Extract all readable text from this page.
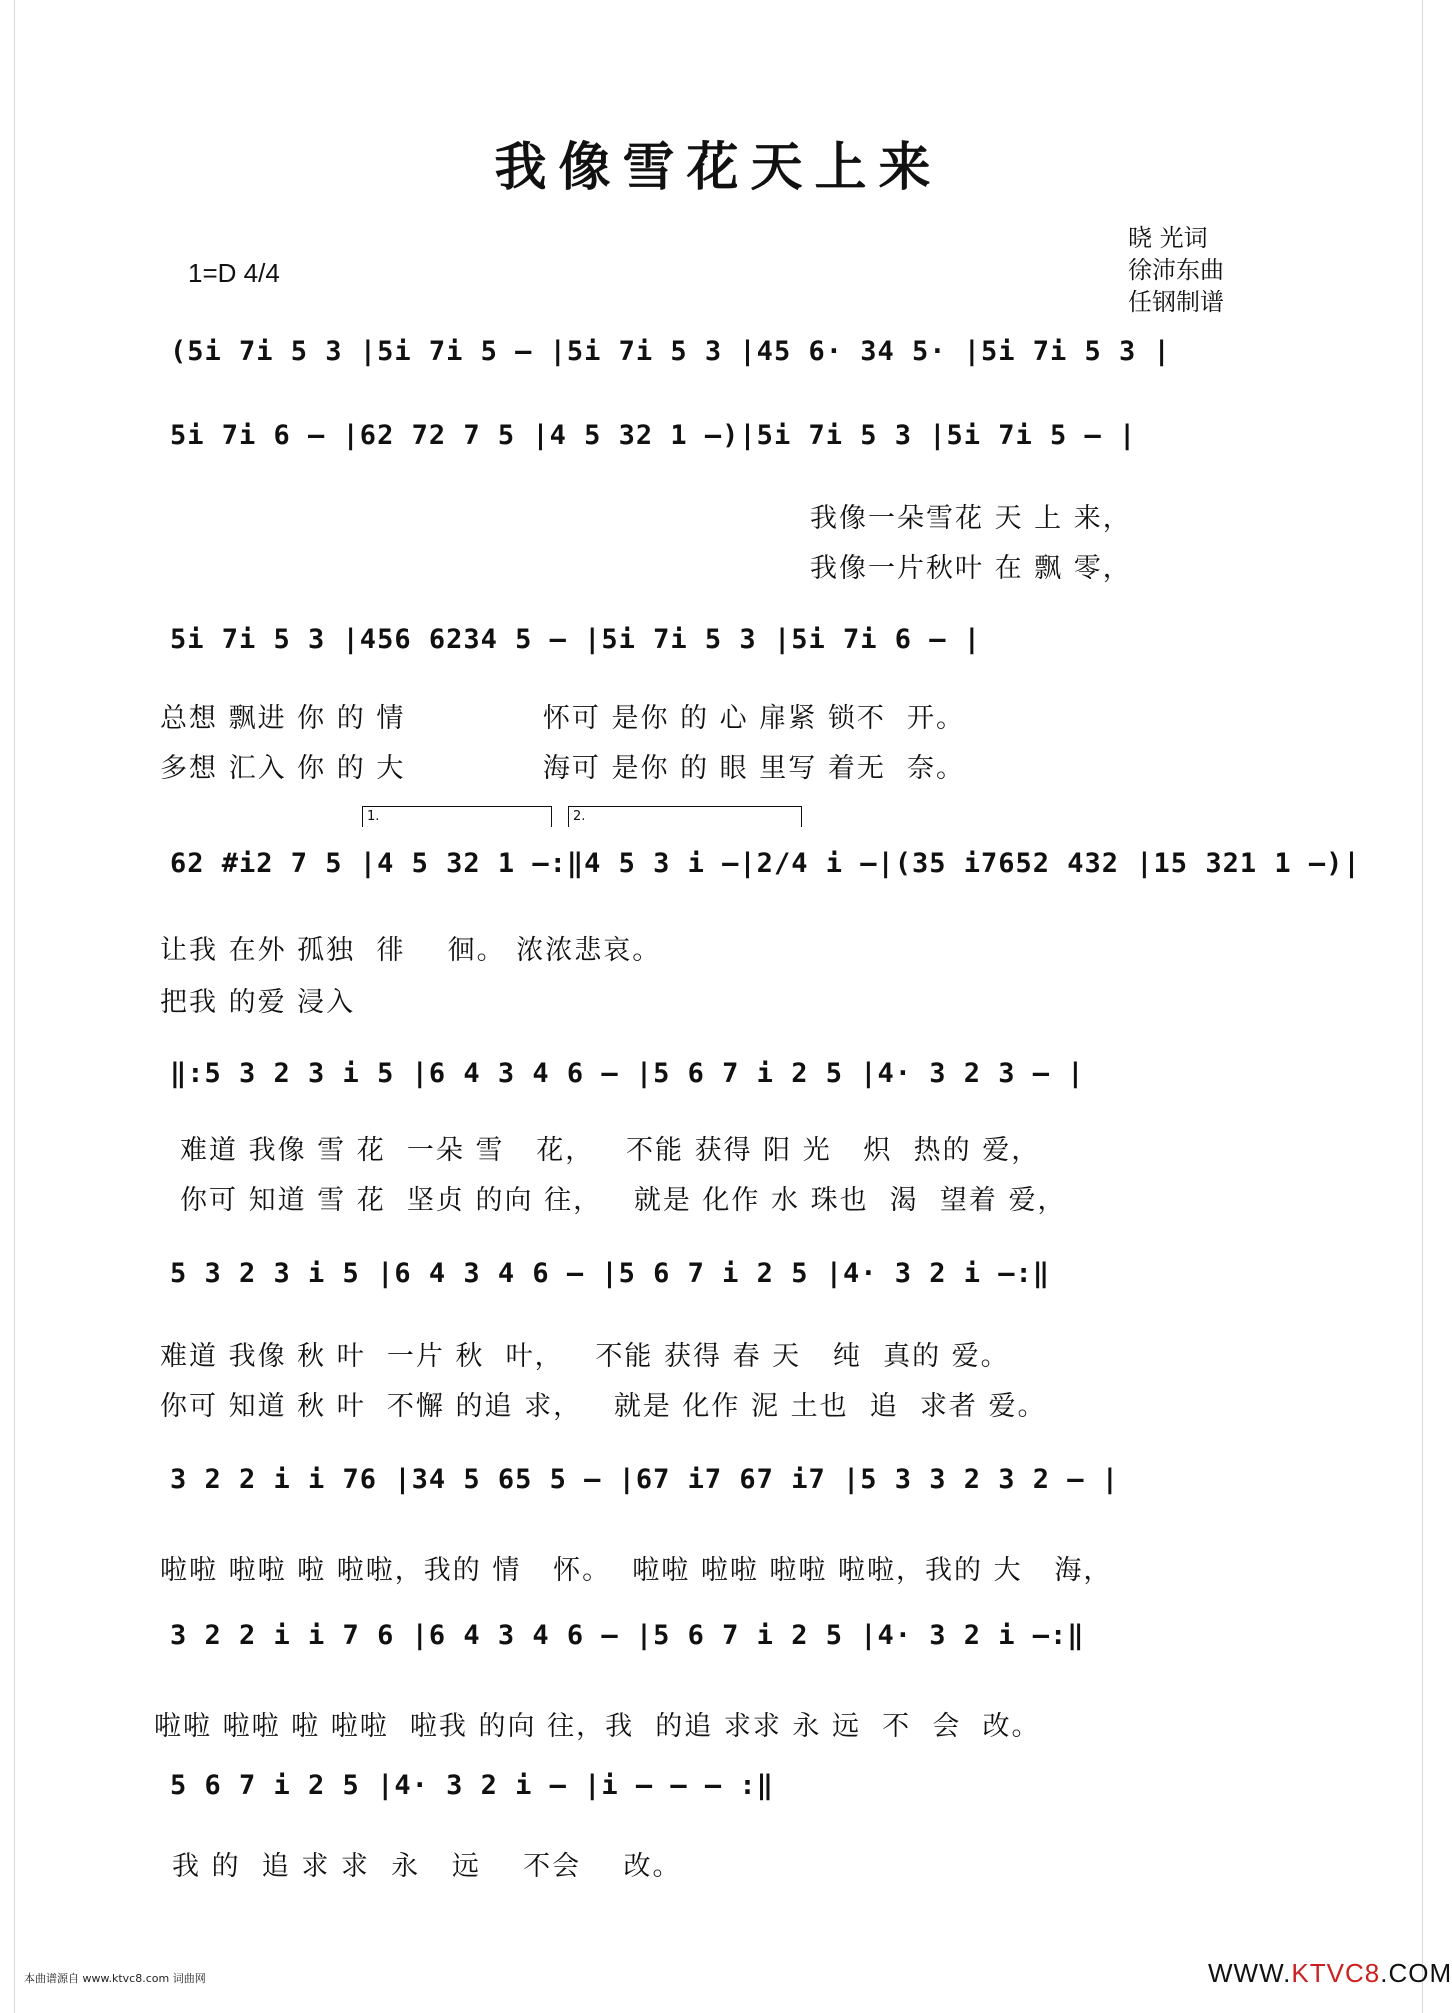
我像雪花天上来
1=D 4/4
晓 光词
徐沛东曲
任钢制谱
(5i 7i 5 3 |5i 7i 5 – |5i 7i 5 3 |45 6· 34 5· |5i 7i 5 3 |
5i 7i 6 – |62 72 7 5 |4 5 32 1 –)|5i 7i 5 3 |5i 7i 5 – |
我像一朵雪花 天 上 来，
我像一片秋叶 在 飘 零，
5i 7i 5 3 |456 6234 5 – |5i 7i 5 3 |5i 7i 6 – |
总想 飘进 你 的 情             怀可 是你 的 心 扉紧 锁不  开。
多想 汇入 你 的 大             海可 是你 的 眼 里写 着无  奈。
1.	2.
62 #i2 7 5 |4 5 32 1 –:‖4 5 3 i –|2/4 i –|(35 i7652 432 |15 321 1 –)|
让我 在外 孤独  徘    徊。 浓浓悲哀。
把我 的爱 浸入
‖:5 3 2 3 i 5 |6 4 3 4 6 – |5 6 7 i 2 5 |4· 3 2 3 – |
难道 我像 雪 花  一朵 雪   花，   不能 获得 阳 光   炽  热的 爱，
你可 知道 雪 花  坚贞 的向 往，   就是 化作 水 珠也  渴  望着 爱，
5 3 2 3 i 5 |6 4 3 4 6 – |5 6 7 i 2 5 |4· 3 2 i –:‖
难道 我像 秋 叶  一片 秋  叶，   不能 获得 春 天   纯  真的 爱。
你可 知道 秋 叶  不懈 的追 求，   就是 化作 泥 土也  追  求者 爱。
3 2 2 i i 76 |34 5 65 5 – |67 i7 67 i7 |5 3 3 2 3 2 – |
啦啦 啦啦 啦 啦啦，我的 情   怀。  啦啦 啦啦 啦啦 啦啦，我的 大   海，
3 2 2 i i 7 6 |6 4 3 4 6 – |5 6 7 i 2 5 |4· 3 2 i –:‖
啦啦 啦啦 啦 啦啦  啦我 的向 往，我  的追 求求 永 远  不  会  改。
5 6 7 i 2 5 |4· 3 2 i – |i – – – :‖
我 的  追 求 求  永   远    不会    改。
本曲谱源自 www.ktvc8.com 词曲网	WWW.KTVC8.COM
